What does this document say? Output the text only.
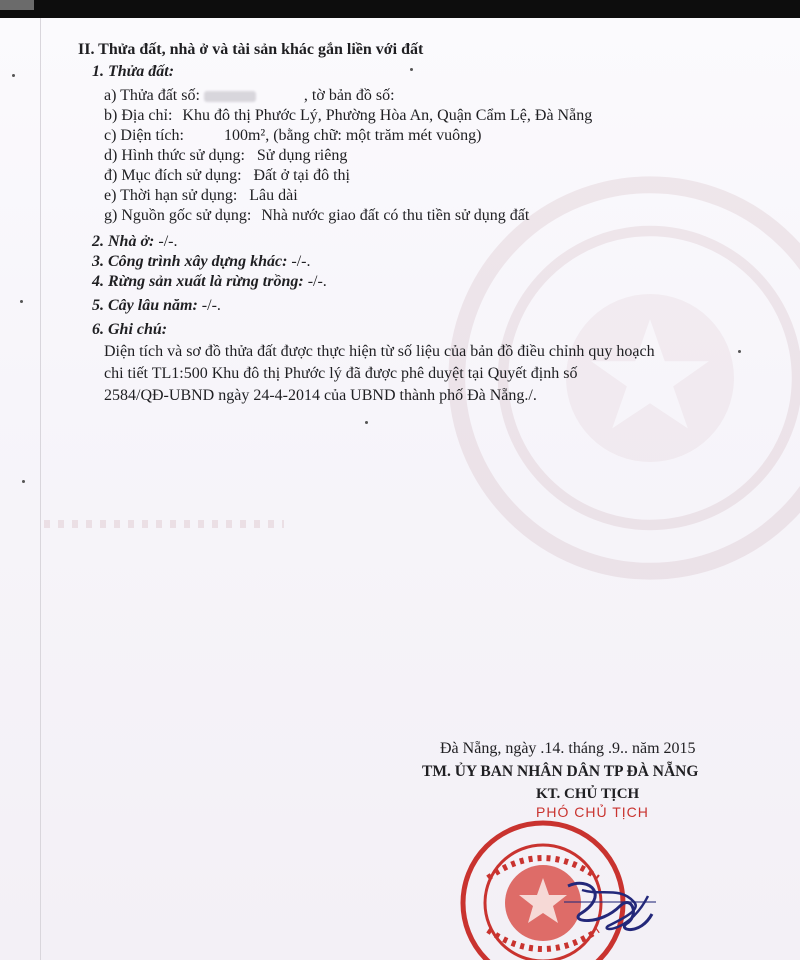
II. Thửa đất, nhà ở và tài sản khác gắn liền với đất
1. Thửa đất:
a) Thửa đất số:	, tờ bản đồ số:
b) Địa chỉ: Khu đô thị Phước Lý, Phường Hòa An, Quận Cẩm Lệ, Đà Nẵng
c) Diện tích:	100m², (bằng chữ: một trăm mét vuông)
d) Hình thức sử dụng: Sử dụng riêng
đ) Mục đích sử dụng: Đất ở tại đô thị
e) Thời hạn sử dụng: Lâu dài
g) Nguồn gốc sử dụng: Nhà nước giao đất có thu tiền sử dụng đất
2. Nhà ở: -/-.
3. Công trình xây dựng khác: -/-.
4. Rừng sản xuất là rừng trồng: -/-.
5. Cây lâu năm: -/-.
6. Ghi chú:
Diện tích và sơ đồ thửa đất được thực hiện từ số liệu của bản đồ điều chỉnh quy hoạch
chi tiết TL1:500 Khu đô thị Phước lý đã được phê duyệt tại Quyết định số
2584/QĐ-UBND ngày 24-4-2014 của UBND thành phố Đà Nẵng./.
Đà Nẵng, ngày .14. tháng .9.. năm 2015
TM. ỦY BAN NHÂN DÂN TP ĐÀ NẴNG
KT. CHỦ TỊCH
PHÓ CHỦ TỊCH
